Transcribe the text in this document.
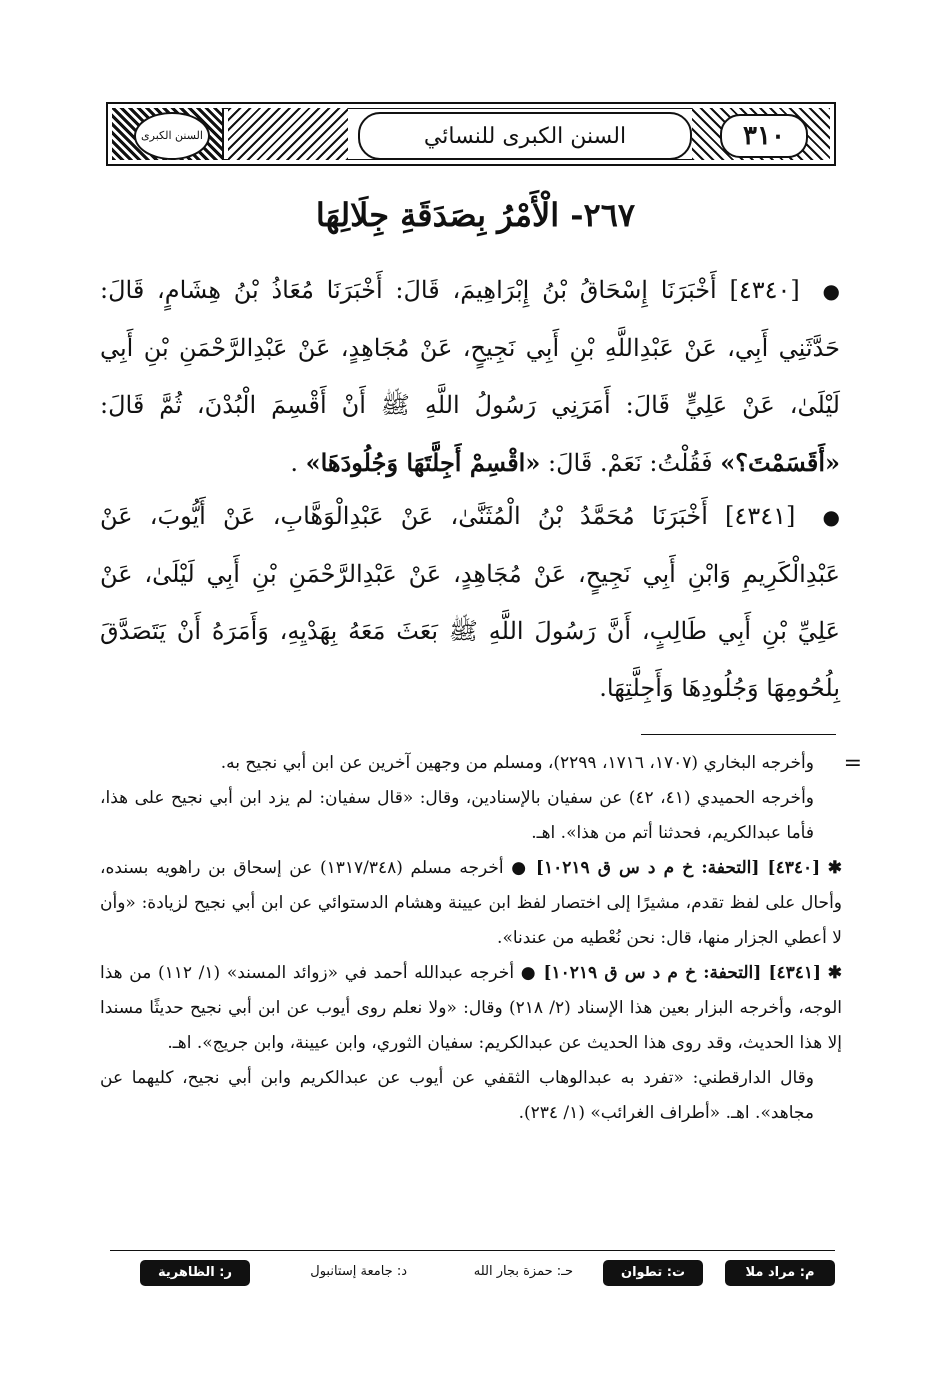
السنن الكبرى	السنن الكبرى للنسائي	٣١٠
٢٦٧- الْأَمْرُ بِصَدَقَةِ جِلَالِهَا
● [٤٣٤٠] أَخْبَرَنَا إِسْحَاقُ بْنُ إِبْرَاهِيمَ، قَالَ: أَخْبَرَنَا مُعَاذُ بْنُ هِشَامٍ، قَالَ: حَدَّثَنِي أَبِي، عَنْ عَبْدِاللَّهِ بْنِ أَبِي نَجِيحٍ، عَنْ مُجَاهِدٍ، عَنْ عَبْدِالرَّحْمَنِ بْنِ أَبِي لَيْلَىٰ، عَنْ عَلِيٍّ قَالَ: أَمَرَنِي رَسُولُ اللَّهِ ﷺ أَنْ أَقْسِمَ الْبُدْنَ، ثُمَّ قَالَ: «أَقَسَمْتَ؟» فَقُلْتُ: نَعَمْ. قَالَ: «اقْسِمْ أَجِلَّتَهَا وَجُلُودَهَا» .
● [٤٣٤١] أَخْبَرَنَا مُحَمَّدُ بْنُ الْمُثَنَّىٰ، عَنْ عَبْدِالْوَهَّابِ، عَنْ أَيُّوبَ، عَنْ عَبْدِالْكَرِيمِ وَابْنِ أَبِي نَجِيحٍ، عَنْ مُجَاهِدٍ، عَنْ عَبْدِالرَّحْمَنِ بْنِ أَبِي لَيْلَىٰ، عَنْ عَلِيِّ بْنِ أَبِي طَالِبٍ، أَنَّ رَسُولَ اللَّهِ ﷺ بَعَثَ مَعَهُ بِهَدْيِهِ، وَأَمَرَهُ أَنْ يَتَصَدَّقَ بِلُحُومِهَا وَجُلُودِهَا وَأَجِلَّتِهَا.
=

وأخرجه البخاري (١٧٠٧، ١٧١٦، ٢٢٩٩)، ومسلم من وجهين آخرين عن ابن أبي نجيح به.

وأخرجه الحميدي (٤١، ٤٢) عن سفيان بالإسنادين، وقال: «قال سفيان: لم يزد ابن أبي نجيح على هذا، فأما عبدالكريم، فحدثنا أتم من هذا». اهـ.

✱ [٤٣٤٠] [التحفة: خ م د س ق ١٠٢١٩] ● أخرجه مسلم (١٣١٧/٣٤٨) عن إسحاق بن راهويه بسنده، وأحال على لفظ تقدم، مشيرًا إلى اختصار لفظ ابن عيينة وهشام الدستوائي عن ابن أبي نجيح لزيادة: «وأن لا أعطي الجزار منها، قال: نحن نُعْطيه من عندنا».

✱ [٤٣٤١] [التحفة: خ م د س ق ١٠٢١٩] ● أخرجه عبدالله أحمد في «زوائد المسند» (١/ ١١٢) من هذا الوجه، وأخرجه البزار بعين هذا الإسناد (٢/ ٢١٨) وقال: «ولا نعلم روى أيوب عن ابن أبي نجيح حديثًا مسندا إلا هذا الحديث، وقد روى هذا الحديث عن عبدالكريم: سفيان الثوري، وابن عيينة، وابن جريج». اهـ.

وقال الدارقطني: «تفرد به عبدالوهاب الثقفي عن أيوب عن عبدالكريم وابن أبي نجيح، كليهما عن مجاهد». اهـ. «أطراف الغرائب» (١/ ٢٣٤).

م: مراد ملا
ت: تطوان
حـ: حمزة بجار الله
د: جامعة إستانبول
ر: الظاهرية
